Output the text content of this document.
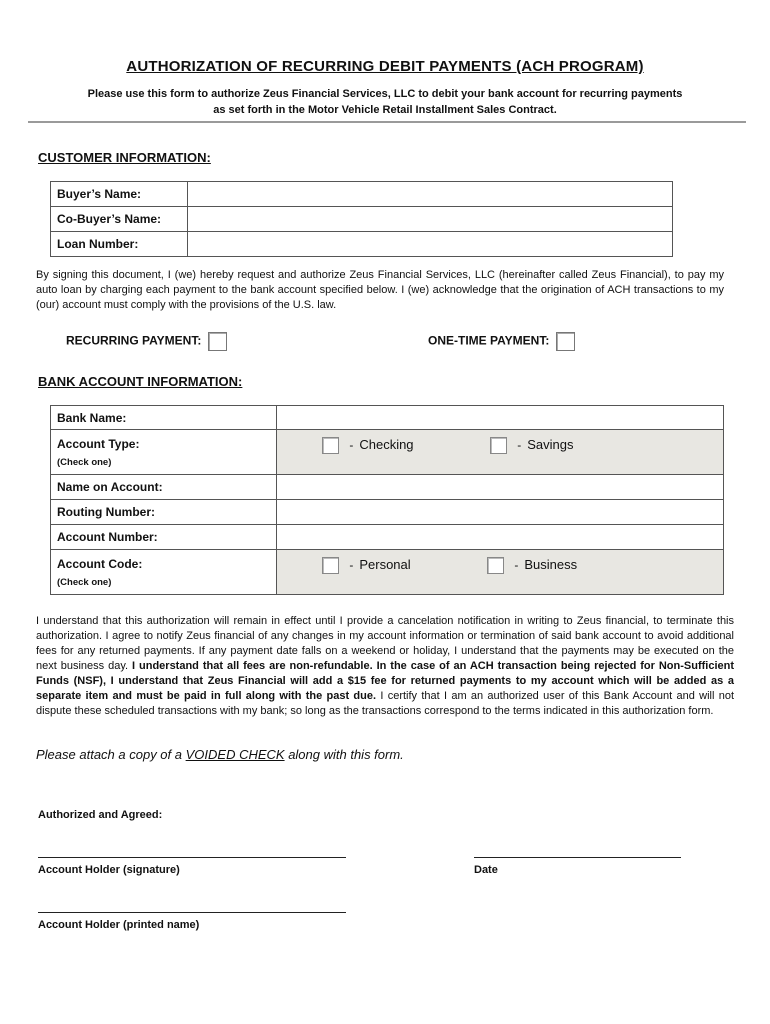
AUTHORIZATION OF RECURRING DEBIT PAYMENTS (ACH PROGRAM)
Please use this form to authorize Zeus Financial Services, LLC to debit your bank account for recurring payments
as set forth in the Motor Vehicle Retail Installment Sales Contract.
CUSTOMER INFORMATION:
Buyer’s Name:	
Co-Buyer’s Name:	
Loan Number:	
By signing this document, I (we) hereby request and authorize Zeus Financial Services, LLC (hereinafter called Zeus Financial), to pay my auto loan by charging each payment to the bank account specified below. I (we) acknowledge that the origination of ACH transactions to my (our) account must comply with the provisions of the U.S. law.
RECURRING PAYMENT:	ONE-TIME PAYMENT:
BANK ACCOUNT INFORMATION:
Bank Name:	

Account Type:
(Check one)	- Checking - Savings
Name on Account:	
Routing Number:	
Account Number:	

Account Code:
(Check one)	- Personal - Business
I understand that this authorization will remain in effect until I provide a cancelation notification in writing to Zeus financial, to terminate this authorization. I agree to notify Zeus financial of any changes in my account information or termination of said bank account to avoid additional fees for any returned payments. If any payment date falls on a weekend or holiday, I understand that the payments may be executed on the next business day. I understand that all fees are non-refundable. In the case of an ACH transaction being rejected for Non-Sufficient Funds (NSF), I understand that Zeus Financial will add a $15 fee for returned payments to my account which will be added as a separate item and must be paid in full along with the past due. I certify that I am an authorized user of this Bank Account and will not dispute these scheduled transactions with my bank; so long as the transactions correspond to the terms indicated in this authorization form.
Please attach a copy of a VOIDED CHECK along with this form.
Authorized and Agreed:
Account Holder (signature)	Date
Account Holder (printed name)
